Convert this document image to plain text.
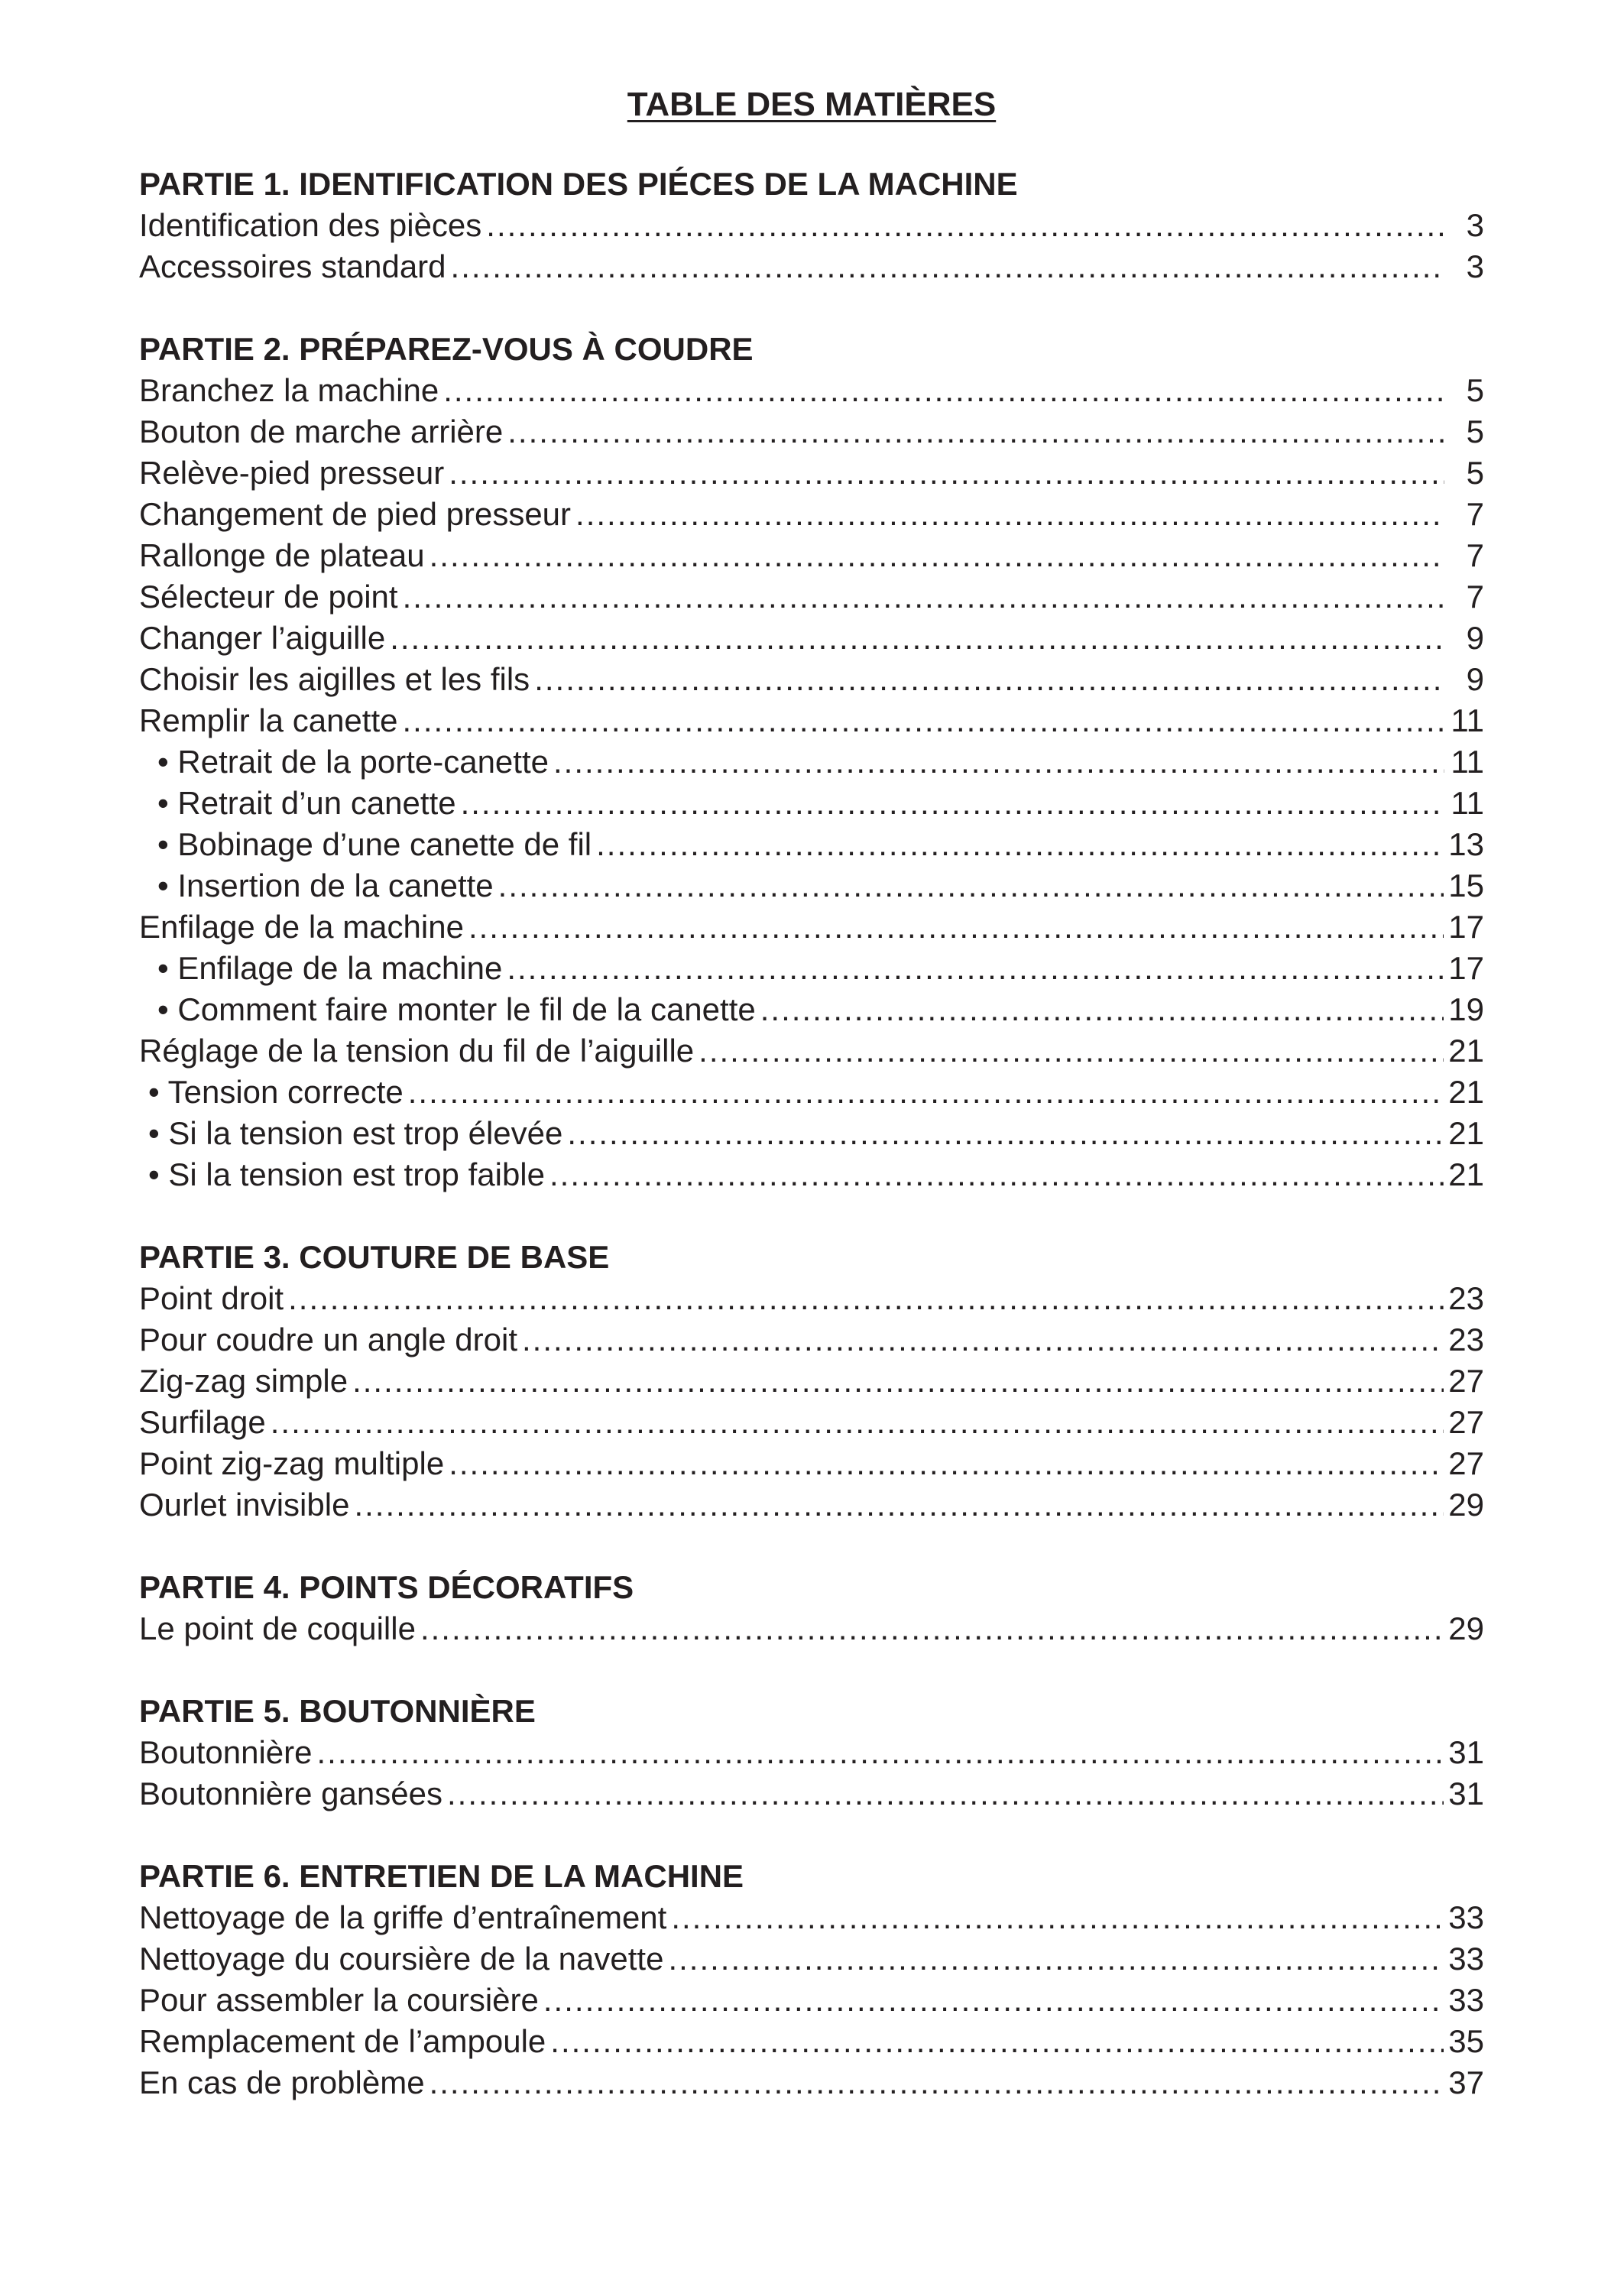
TABLE DES MATIÈRES
PARTIE 1. IDENTIFICATION DES PIÉCES DE LA MACHINE
Identification des pièces .....	3
Accessoires standard .....	3
PARTIE 2. PRÉPAREZ-VOUS À COUDRE
Branchez la machine .....	5
Bouton de marche arrière .....	5
Relève-pied presseur .....	5
Changement de pied presseur .....	7
Rallonge de plateau .....	7
Sélecteur de point .....	7
Changer l’aiguille .....	9
Choisir les aigilles et les fils .....	9
Remplir la canette .....	11
• Retrait de la porte-canette .....	11
• Retrait d’un canette .....	11
• Bobinage d’une canette de fil .....	13
• Insertion de la canette .....	15
Enfilage de la machine .....	17
• Enfilage de la machine .....	17
• Comment faire monter le fil de la canette .....	19
Réglage de la tension du fil de l’aiguille .....	21
• Tension correcte .....	21
• Si la tension est trop élevée .....	21
• Si la tension est trop faible .....	21
PARTIE 3. COUTURE DE BASE
Point droit .....	23
Pour coudre un angle droit .....	23
Zig-zag simple .....	27
Surfilage .....	27
Point zig-zag multiple .....	27
Ourlet invisible .....	29
PARTIE 4. POINTS DÉCORATIFS
Le point de coquille .....	29
PARTIE 5. BOUTONNIÈRE
Boutonnière .....	31
Boutonnière gansées .....	31
PARTIE 6. ENTRETIEN DE LA MACHINE
Nettoyage de la griffe d’entraînement .....	33
Nettoyage du coursière de la navette .....	33
Pour assembler la coursière .....	33
Remplacement de l’ampoule .....	35
En cas de problème .....	37
